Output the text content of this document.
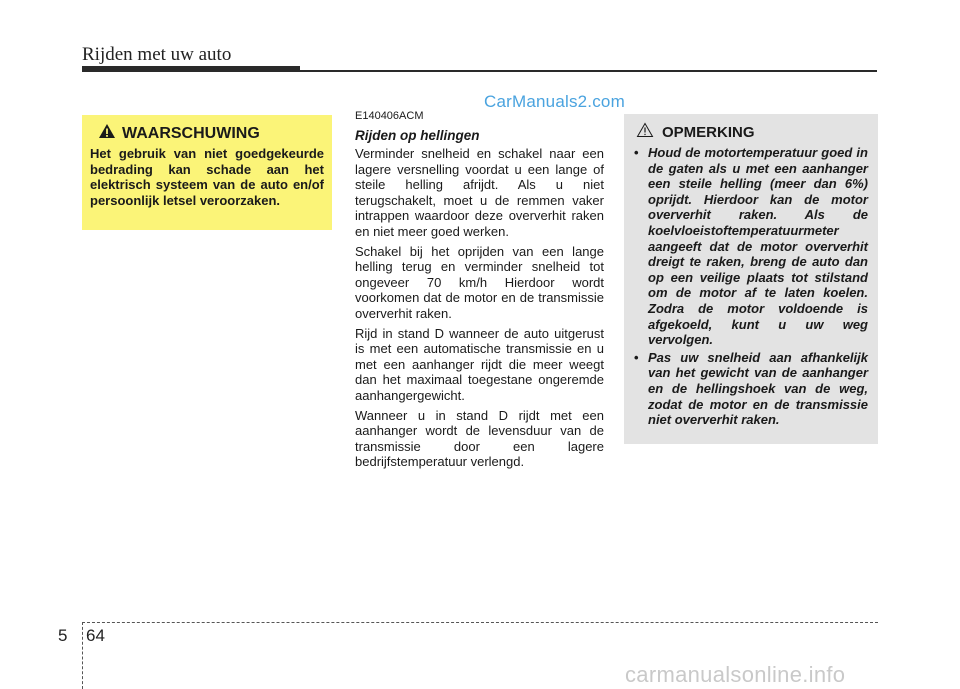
Rijden met uw auto
CarManuals2.com
WAARSCHUWING
Het gebruik van niet goedgekeurde bedrading kan schade aan het elektrisch systeem van de auto en/of persoonlijk letsel veroorzaken.
E140406ACM
Rijden op hellingen

Verminder snelheid en schakel naar een lagere versnelling voordat u een lange of steile helling afrijdt. Als u niet terugschakelt, moet u de remmen vaker intrappen waardoor deze oververhit raken en niet meer goed werken.

Schakel bij het oprijden van een lange helling terug en verminder snelheid tot ongeveer 70 km/h Hierdoor wordt voorkomen dat de motor en de transmissie oververhit raken.

Rijd in stand D wanneer de auto uitgerust is met een automatische transmissie en u met een aanhanger rijdt die meer weegt dan het maximaal toegestane ongeremde aanhangergewicht.

Wanneer u in stand D rijdt met een aanhanger wordt de levensduur van de transmissie door een lagere bedrijfstemperatuur verlengd.

OPMERKING
• Houd de motortemperatuur goed in de gaten als u met een aanhanger een steile helling (meer dan 6%) oprijdt. Hierdoor kan de motor oververhit raken. Als de koelvloeistoftemperatuurmeter aangeeft dat de motor oververhit dreigt te raken, breng de auto dan op een veilige plaats tot stilstand om de motor af te laten koelen. Zodra de motor voldoende is afgekoeld, kunt u uw weg vervolgen.
• Pas uw snelheid aan afhankelijk van het gewicht van de aanhanger en de hellingshoek van de weg, zodat de motor en de transmissie niet oververhit raken.
5 64
carmanualsonline.info
